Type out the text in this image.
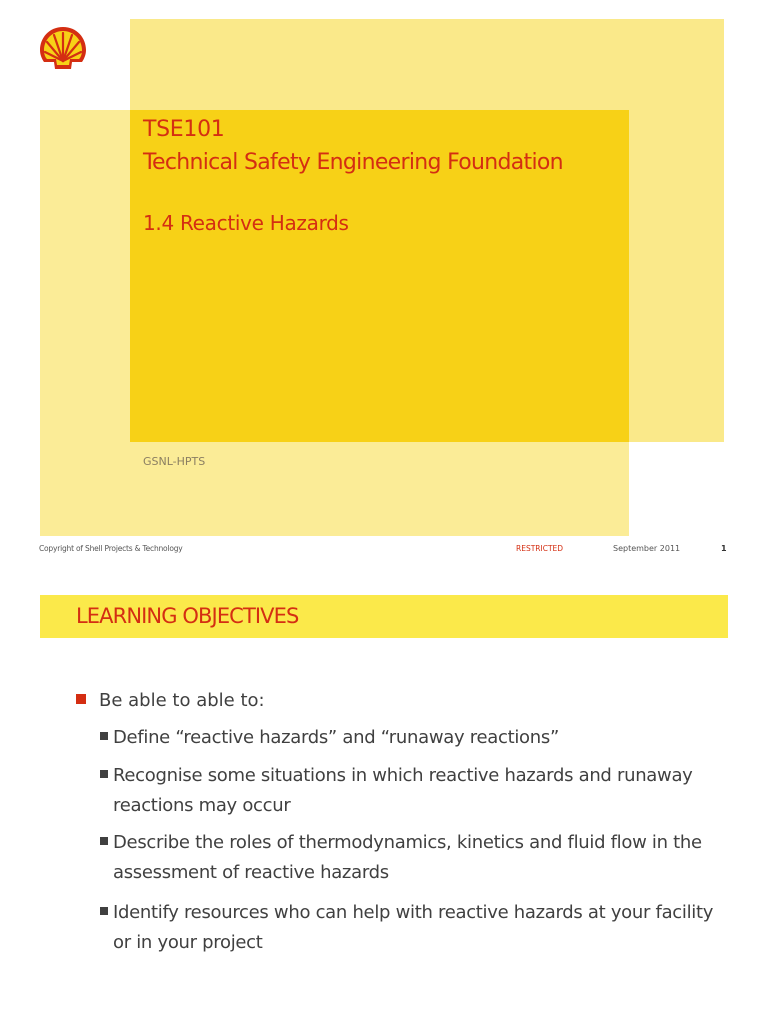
TSE101
Technical Safety Engineering Foundation
1.4 Reactive Hazards
GSNL-HPTS
Copyright of Shell Projects & Technology	RESTRICTED	September 2011	1
LEARNING OBJECTIVES
Be able to able to:
Define “reactive hazards” and “runaway reactions”
Recognise some situations in which reactive hazards and runaway
reactions may occur
Describe the roles of thermodynamics, kinetics and fluid flow in the
assessment of reactive hazards
Identify resources who can help with reactive hazards at your facility
or in your project
